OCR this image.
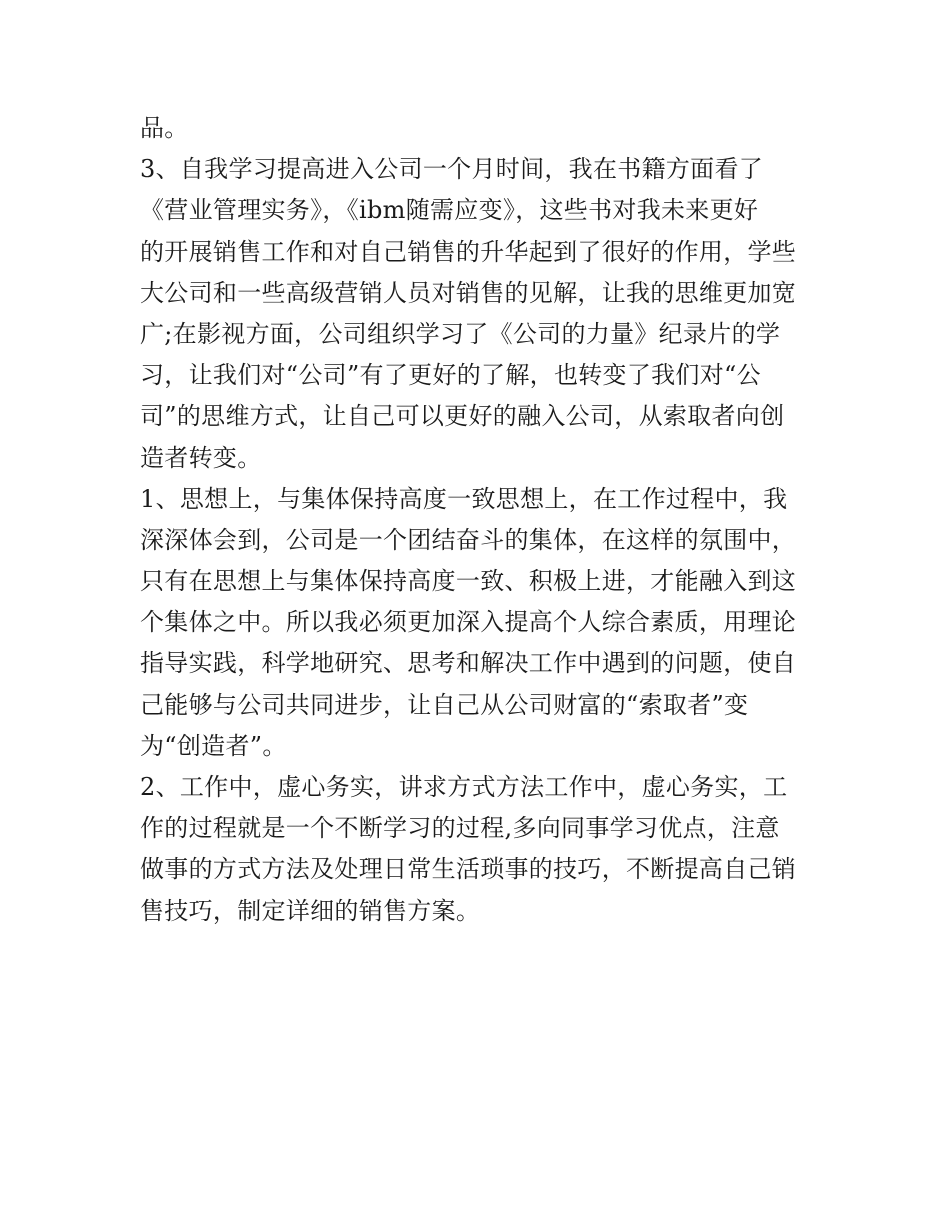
品。
3、自我学习提高进入公司一个月时间，我在书籍方面看了
《营业管理实务》，《ibm随需应变》，这些书对我未来更好
的开展销售工作和对自己销售的升华起到了很好的作用，学些
大公司和一些高级营销人员对销售的见解，让我的思维更加宽
广;在影视方面，公司组织学习了《公司的力量》纪录片的学
习，让我们对“公司”有了更好的了解，也转变了我们对“公
司”的思维方式，让自己可以更好的融入公司，从索取者向创
造者转变。
1、思想上，与集体保持高度一致思想上，在工作过程中，我
深深体会到，公司是一个团结奋斗的集体，在这样的氛围中，
只有在思想上与集体保持高度一致、积极上进，才能融入到这
个集体之中。所以我必须更加深入提高个人综合素质，用理论
指导实践，科学地研究、思考和解决工作中遇到的问题，使自
己能够与公司共同进步，让自己从公司财富的“索取者”变
为“创造者”。
2、工作中，虚心务实，讲求方式方法工作中，虚心务实，工
作的过程就是一个不断学习的过程,多向同事学习优点，注意
做事的方式方法及处理日常生活琐事的技巧，不断提高自己销
售技巧，制定详细的销售方案。
